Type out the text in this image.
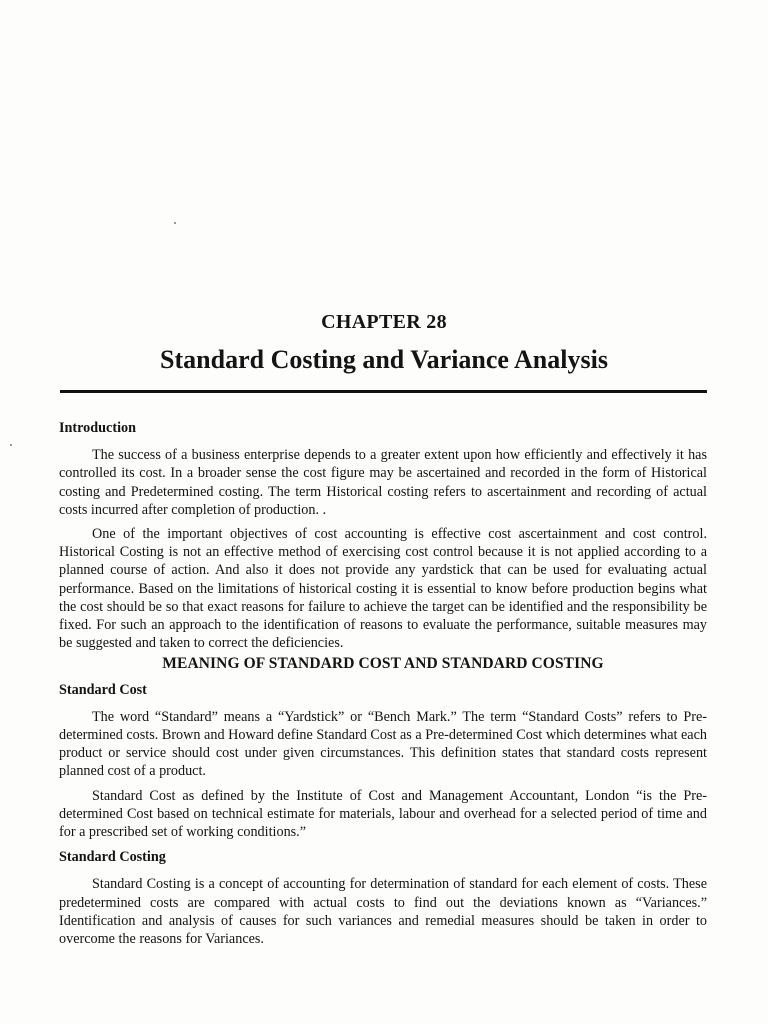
CHAPTER 28
Standard Costing and Variance Analysis
Introduction

The success of a business enterprise depends to a greater extent upon how efficiently and effectively it has controlled its cost. In a broader sense the cost figure may be ascertained and recorded in the form of Historical costing and Predetermined costing. The term Historical costing refers to ascertainment and recording of actual costs incurred after completion of production. .

One of the important objectives of cost accounting is effective cost ascertainment and cost control. Historical Costing is not an effective method of exercising cost control because it is not applied according to a planned course of action. And also it does not provide any yardstick that can be used for evaluating actual performance. Based on the limitations of historical costing it is essential to know before production begins what the cost should be so that exact reasons for failure to achieve the target can be identified and the responsibility be fixed. For such an approach to the identification of reasons to evaluate the performance, suitable measures may be suggested and taken to correct the deficiencies.

MEANING OF STANDARD COST AND STANDARD COSTING
Standard Cost

The word “Standard” means a “Yardstick” or “Bench Mark.” The term “Standard Costs” refers to Pre-determined costs. Brown and Howard define Standard Cost as a Pre-determined Cost which determines what each product or service should cost under given circumstances. This definition states that standard costs represent planned cost of a product.

Standard Cost as defined by the Institute of Cost and Management Accountant, London “is the Pre-determined Cost based on technical estimate for materials, labour and overhead for a selected period of time and for a prescribed set of working conditions.”

Standard Costing

Standard Costing is a concept of accounting for determination of standard for each element of costs. These predetermined costs are compared with actual costs to find out the deviations known as “Variances.” Identification and analysis of causes for such variances and remedial measures should be taken in order to overcome the reasons for Variances.
